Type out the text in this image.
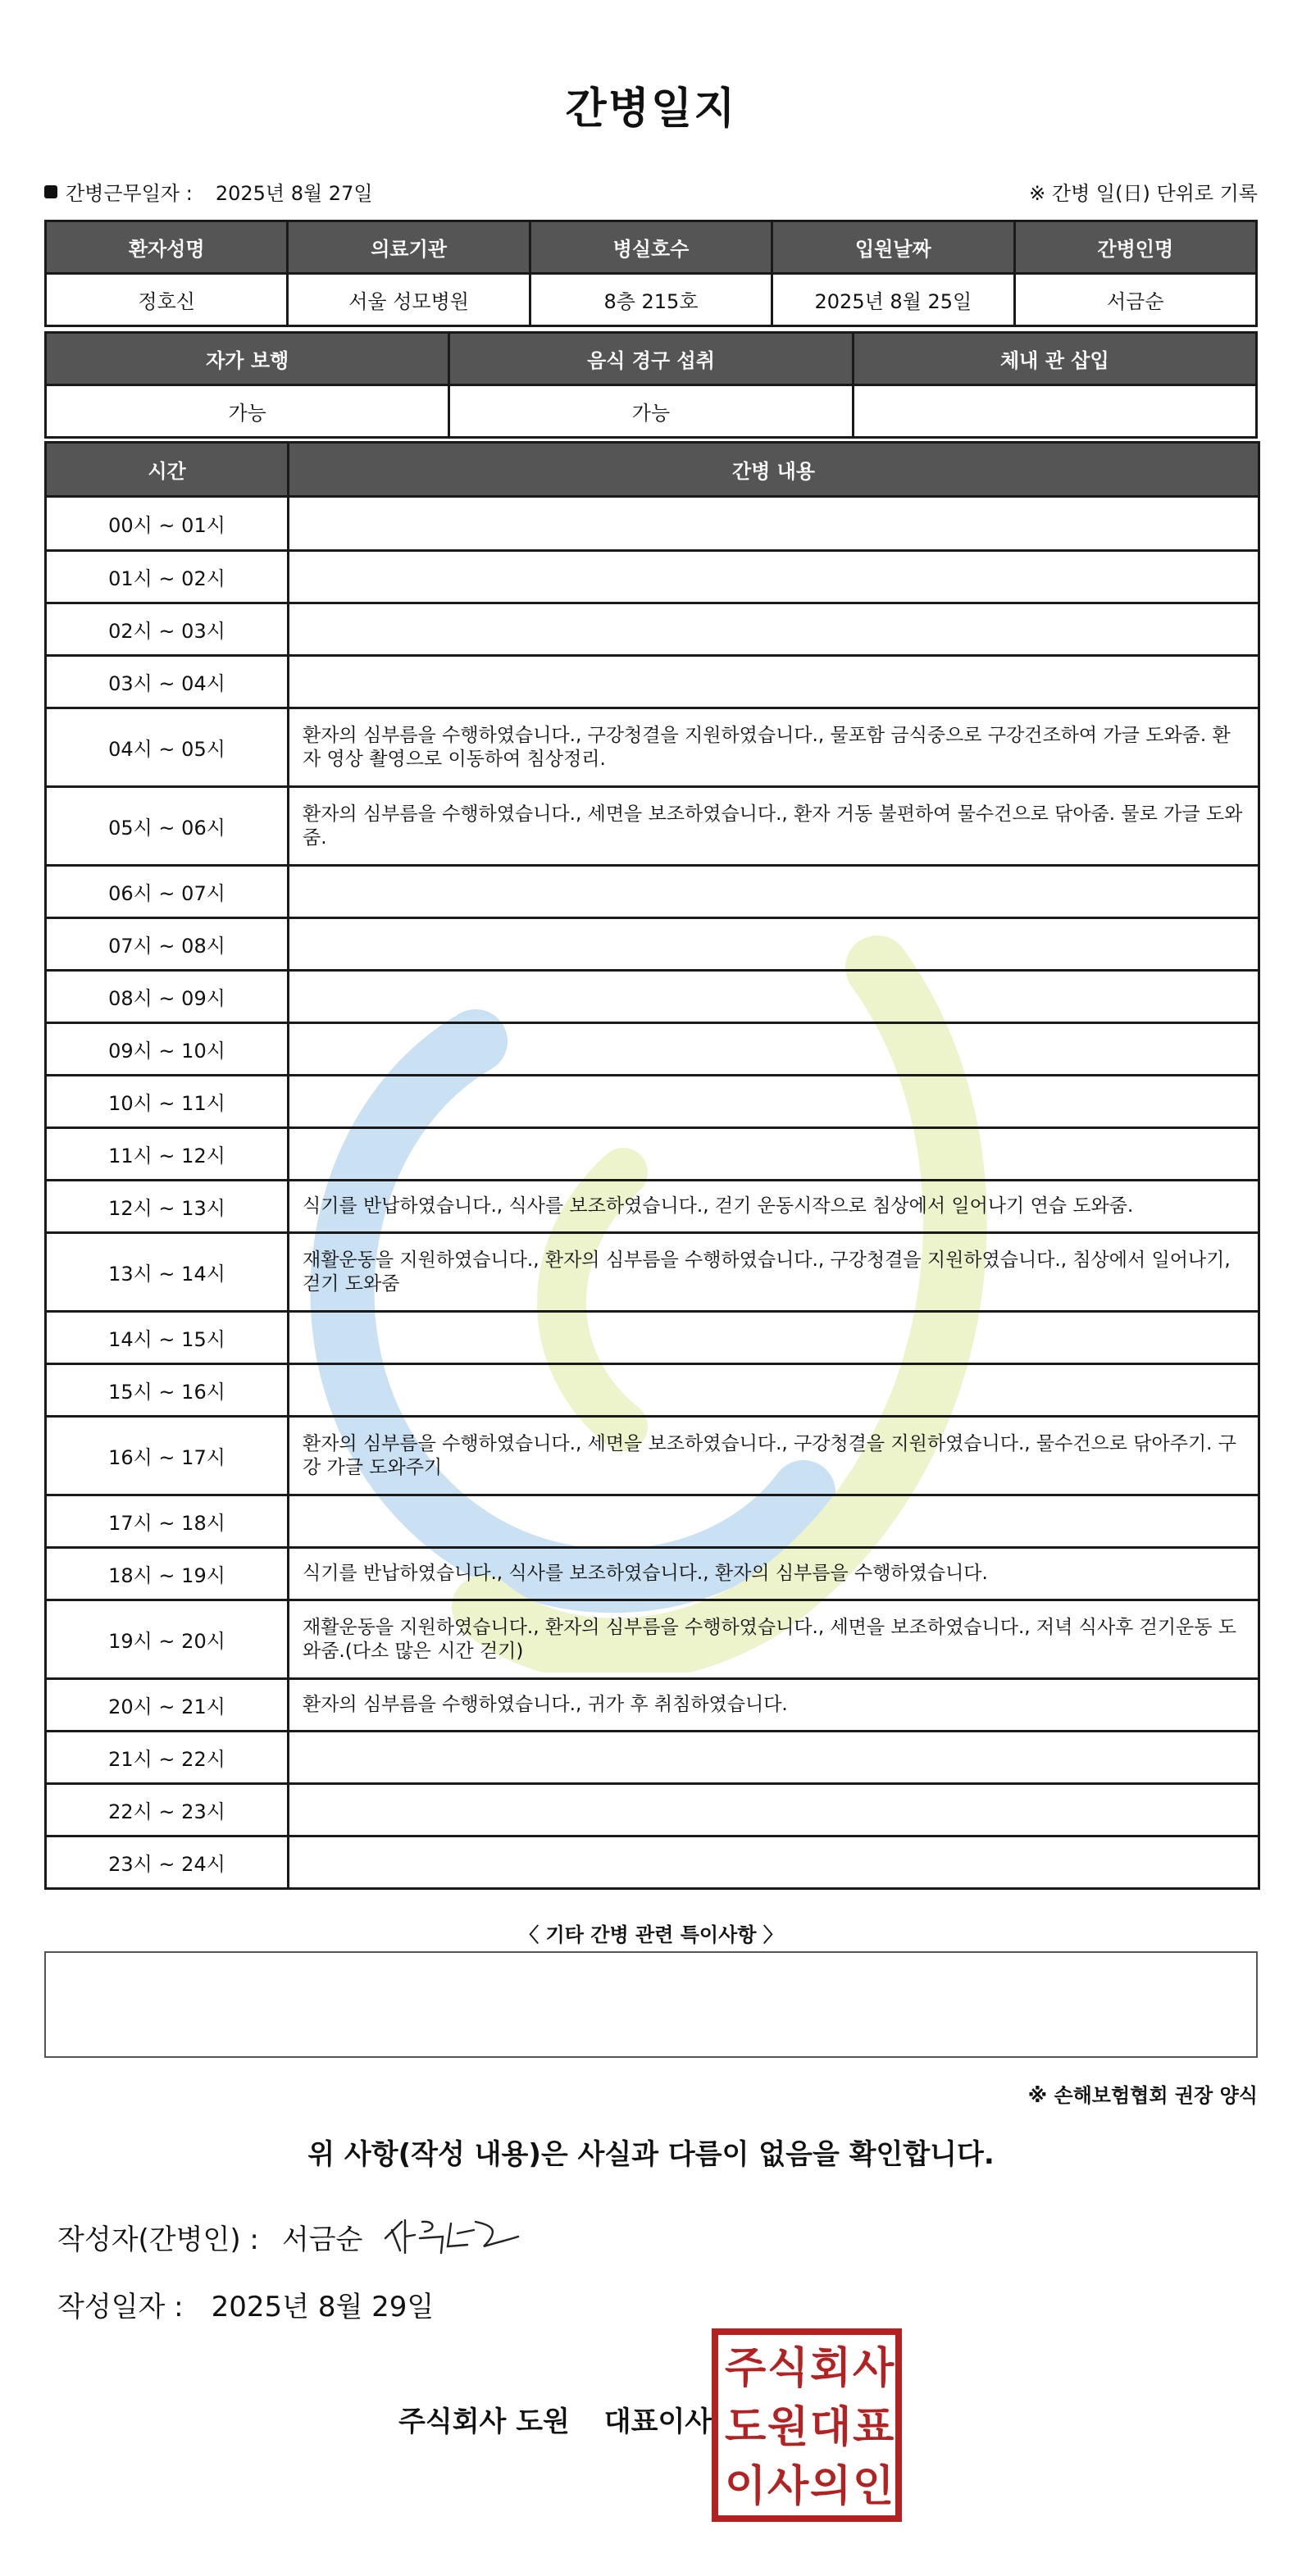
간병일지
간병근무일자 : 2025년 8월 27일	※ 간병 일(日) 단위로 기록
환자성명	의료기관	병실호수	입원날짜	간병인명
정호신	서울 성모병원	8층 215호	2025년 8월 25일	서금순
자가 보행	음식 경구 섭취	체내 관 삽입
가능	가능	
시간	간병 내용
00시 ~ 01시	
01시 ~ 02시	
02시 ~ 03시	
03시 ~ 04시	
04시 ~ 05시	환자의 심부름을 수행하였습니다., 구강청결을 지원하였습니다., 물포함 금식중으로 구강건조하여 가글 도와줌. 환자 영상 촬영으로 이동하여 침상정리.
05시 ~ 06시	환자의 심부름을 수행하였습니다., 세면을 보조하였습니다., 환자 거동 불편하여 물수건으로 닦아줌. 물로 가글 도와줌.
06시 ~ 07시	
07시 ~ 08시	
08시 ~ 09시	
09시 ~ 10시	
10시 ~ 11시	
11시 ~ 12시	
12시 ~ 13시	식기를 반납하였습니다., 식사를 보조하였습니다., 걷기 운동시작으로 침상에서 일어나기 연습 도와줌.
13시 ~ 14시	재활운동을 지원하였습니다., 환자의 심부름을 수행하였습니다., 구강청결을 지원하였습니다., 침상에서 일어나기, 걷기 도와줌
14시 ~ 15시	
15시 ~ 16시	
16시 ~ 17시	환자의 심부름을 수행하였습니다., 세면을 보조하였습니다., 구강청결을 지원하였습니다., 물수건으로 닦아주기. 구강 가글 도와주기
17시 ~ 18시	
18시 ~ 19시	식기를 반납하였습니다., 식사를 보조하였습니다., 환자의 심부름을 수행하였습니다.
19시 ~ 20시	재활운동을 지원하였습니다., 환자의 심부름을 수행하였습니다., 세면을 보조하였습니다., 저녁 식사후 걷기운동 도와줌.(다소 많은 시간 걷기)
20시 ~ 21시	환자의 심부름을 수행하였습니다., 귀가 후 취침하였습니다.
21시 ~ 22시	
22시 ~ 23시	
23시 ~ 24시	
〈 기타 간병 관련 특이사항 〉
※ 손해보험협회 권장 양식
위 사항(작성 내용)은 사실과 다름이 없음을 확인합니다.
작성자(간병인) : 서금순
작성일자 : 2025년 8월 29일
주식회사 도원 대표이사
주 식 회 사
도 원 대 표
이 사 의 인
